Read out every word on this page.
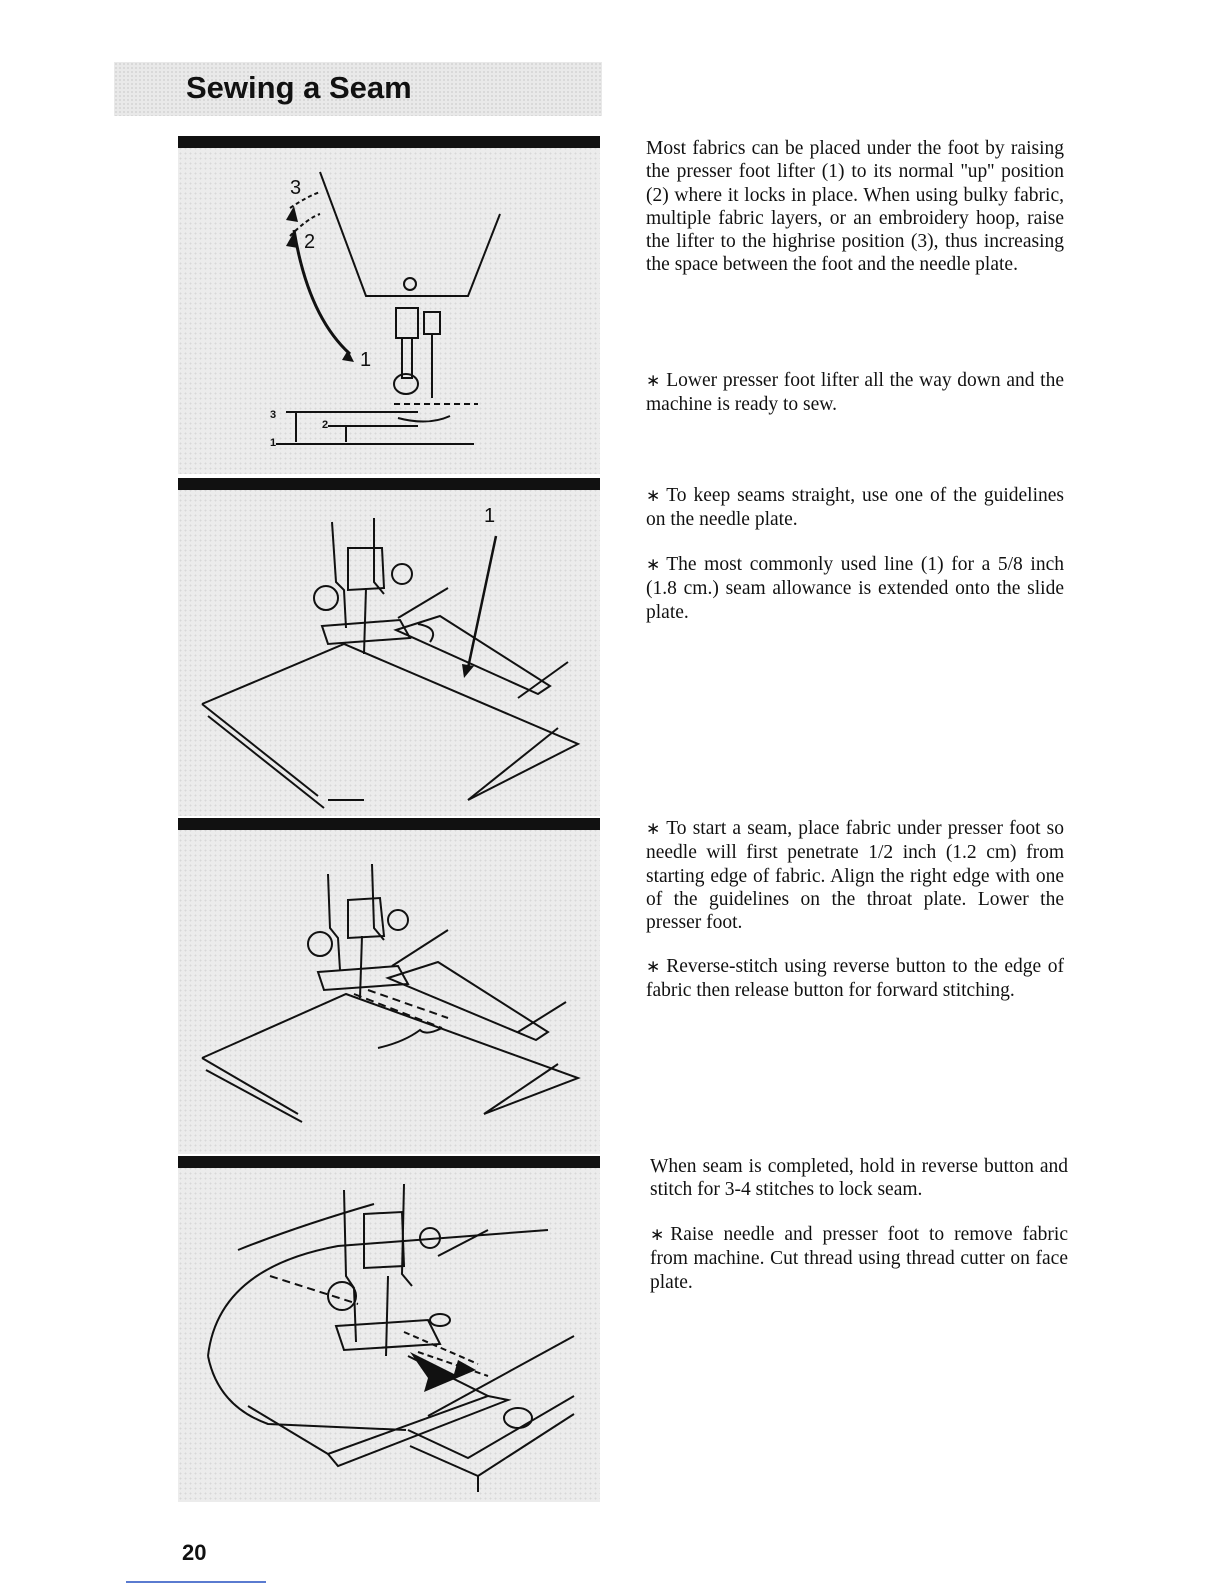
Sewing a Seam
3
2
1
3
2
1
1

Most fabrics can be placed under the foot by raising the presser foot lifter (1) to its normal ''up'' position (2) where it locks in place. When using bulky fabric, multiple fabric layers, or an embroidery hoop, raise the lifter to the highrise position (3), thus increasing the space between the foot and the needle plate.

∗ Lower presser foot lifter all the way down and the machine is ready to sew.

∗ To keep seams straight, use one of the guidelines on the needle plate.

∗ The most commonly used line (1) for a 5/8 inch (1.8 cm.) seam allowance is extended onto the slide plate.

∗ To start a seam, place fabric under presser foot so needle will first penetrate 1/2 inch (1.2 cm) from starting edge of fabric. Align the right edge with one of the guidelines on the throat plate. Lower the presser foot.

∗ Reverse-stitch using reverse button to the edge of fabric then release button for forward stitching.

When seam is completed, hold in reverse button and stitch for 3-4 stitches to lock seam.

∗ Raise needle and presser foot to remove fabric from machine. Cut thread using thread cutter on face plate.

20
